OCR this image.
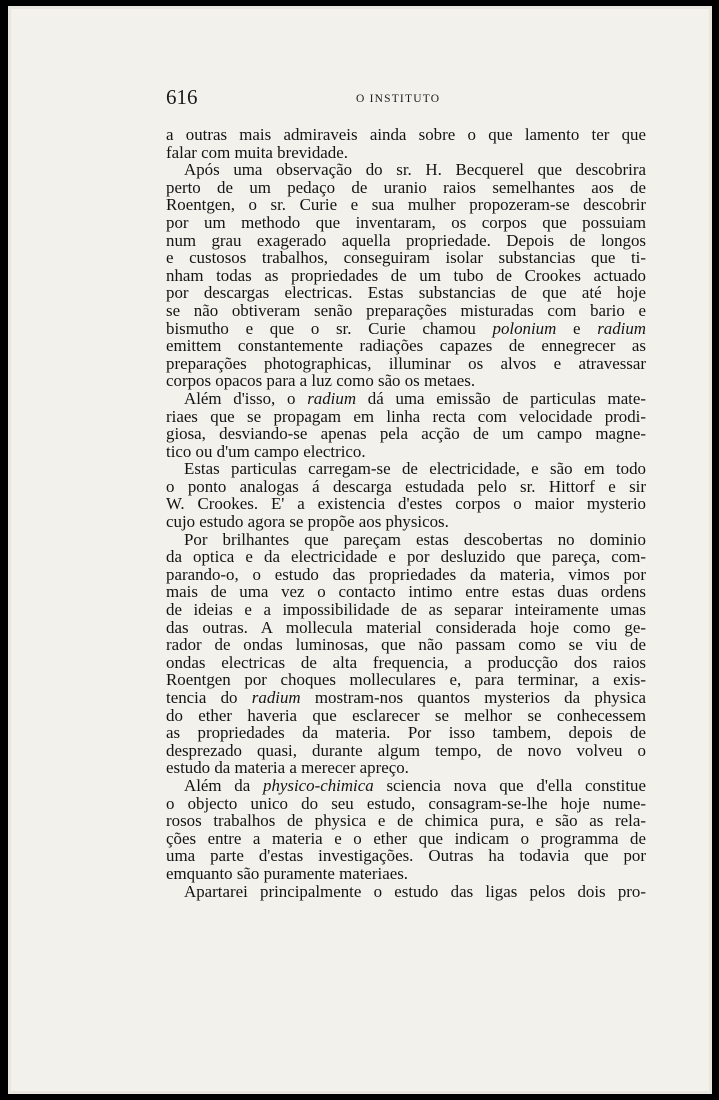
616	O INSTITUTO
a outras mais admiraveis ainda sobre o que lamento ter que
falar com muita brevidade.
Após uma observação do sr. H. Becquerel que descobrira
perto de um pedaço de uranio raios semelhantes aos de
Roentgen, o sr. Curie e sua mulher propozeram-se descobrir
por um methodo que inventaram, os corpos que possuiam
num grau exagerado aquella propriedade. Depois de longos
e custosos trabalhos, conseguiram isolar substancias que ti-
nham todas as propriedades de um tubo de Crookes actuado
por descargas electricas. Estas substancias de que até hoje
se não obtiveram senão preparações misturadas com bario e
bismutho e que o sr. Curie chamou polonium e radium
emittem constantemente radiações capazes de ennegrecer as
preparações photographicas, illuminar os alvos e atravessar
corpos opacos para a luz como são os metaes.
Além d'isso, o radium dá uma emissão de particulas mate-
riaes que se propagam em linha recta com velocidade prodi-
giosa, desviando-se apenas pela acção de um campo magne-
tico ou d'um campo electrico.
Estas particulas carregam-se de electricidade, e são em todo
o ponto analogas á descarga estudada pelo sr. Hittorf e sir
W. Crookes. E' a existencia d'estes corpos o maior mysterio
cujo estudo agora se propõe aos physicos.
Por brilhantes que pareçam estas descobertas no dominio
da optica e da electricidade e por desluzido que pareça, com-
parando-o, o estudo das propriedades da materia, vimos por
mais de uma vez o contacto intimo entre estas duas ordens
de ideias e a impossibilidade de as separar inteiramente umas
das outras. A mollecula material considerada hoje como ge-
rador de ondas luminosas, que não passam como se viu de
ondas electricas de alta frequencia, a producção dos raios
Roentgen por choques molleculares e, para terminar, a exis-
tencia do radium mostram-nos quantos mysterios da physica
do ether haveria que esclarecer se melhor se conhecessem
as propriedades da materia. Por isso tambem, depois de
desprezado quasi, durante algum tempo, de novo volveu o
estudo da materia a merecer apreço.
Além da physico-chimica sciencia nova que d'ella constitue
o objecto unico do seu estudo, consagram-se-lhe hoje nume-
rosos trabalhos de physica e de chimica pura, e são as rela-
ções entre a materia e o ether que indicam o programma de
uma parte d'estas investigações. Outras ha todavia que por
emquanto são puramente materiaes.
Apartarei principalmente o estudo das ligas pelos dois pro-
